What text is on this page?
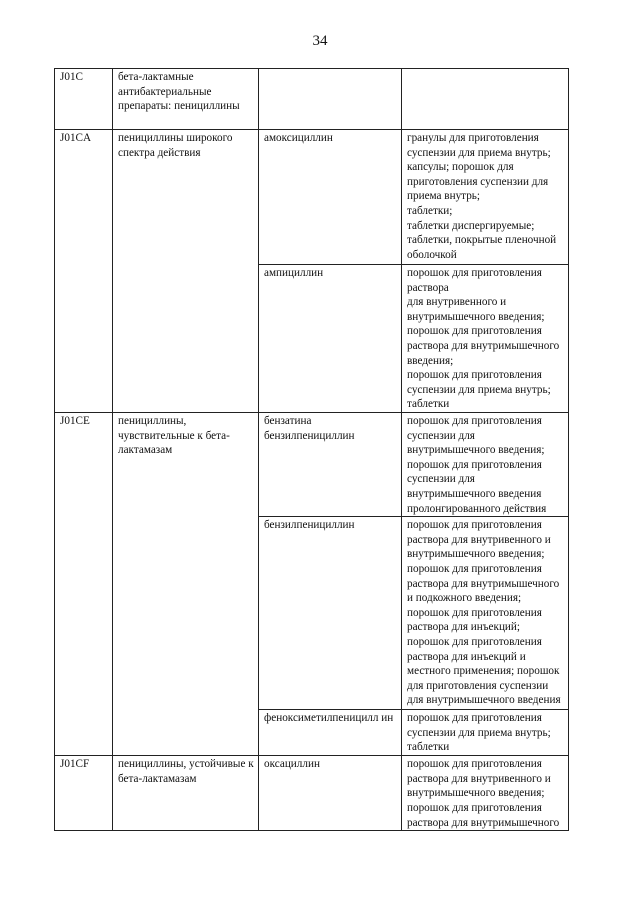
34
J01C	бета-лактамные антибактериальные препараты: пенициллины		
J01CA	пенициллины широкого спектра действия	амоксициллин	гранулы для приготовления суспензии для приема внутрь;
капсулы; порошок для приготовления суспензии для приема внутрь;
таблетки;
таблетки диспергируемые;
таблетки, покрытые пленочной оболочкой
		ампициллин	порошок для приготовления раствора
для внутривенного и внутримышечного введения;
порошок для приготовления раствора для внутримышечного введения;
порошок для приготовления суспензии для приема внутрь;
таблетки
J01CE	пенициллины, чувствительные к бета-лактамазам	бензатина бензилпенициллин	порошок для приготовления суспензии для внутримышечного введения;
порошок для приготовления суспензии для внутримышечного введения пролонгированного действия
		бензилпенициллин	порошок для приготовления раствора для внутривенного и внутримышечного введения;
порошок для приготовления раствора для внутримышечного и подкожного введения;
порошок для приготовления раствора для инъекций;
порошок для приготовления раствора для инъекций и местного применения; порошок для приготовления суспензии для внутримышечного введения
		феноксиметилпеницилл ин	порошок для приготовления суспензии для приема внутрь;
таблетки
J01CF	пенициллины, устойчивые к бета-лактамазам	оксациллин	порошок для приготовления раствора для внутривенного и внутримышечного введения;
порошок для приготовления раствора для внутримышечного
